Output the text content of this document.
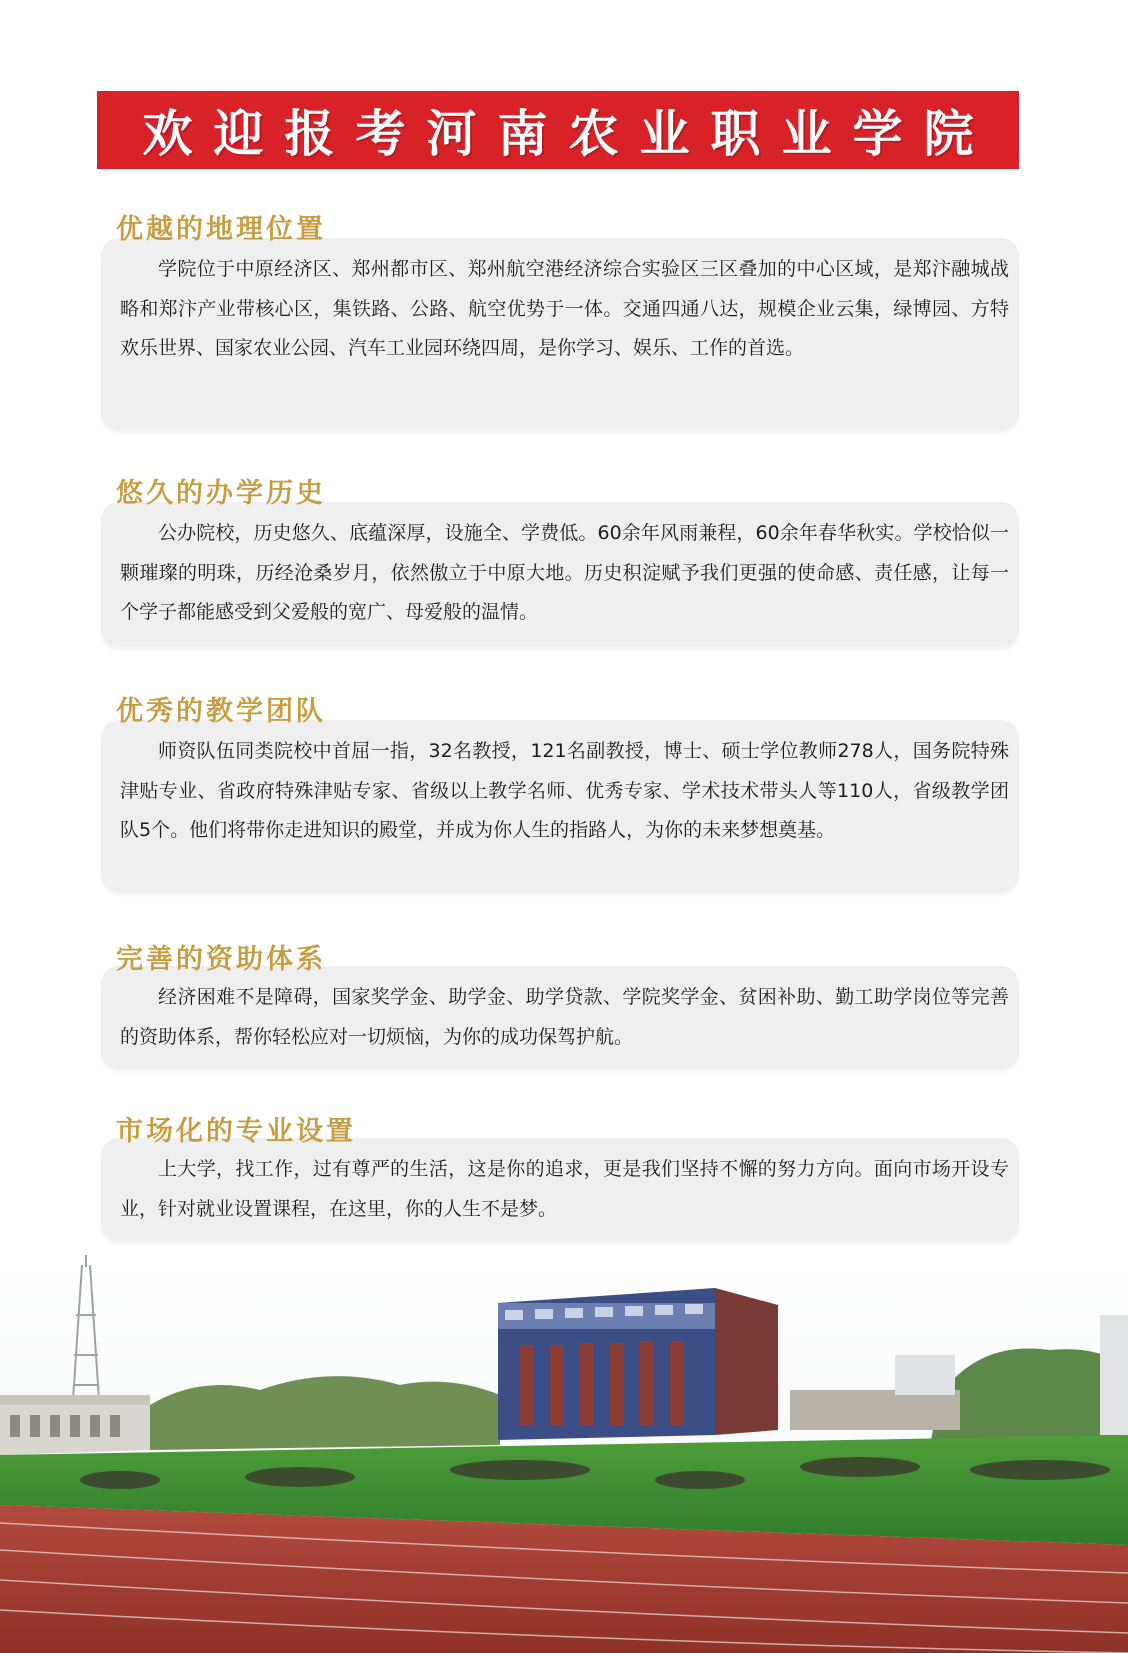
欢迎报考河南农业职业学院
优越的地理位置

学院位于中原经济区、郑州都市区、郑州航空港经济综合实验区三区叠加的中心区域，是郑汴融城战略和郑汴产业带核心区，集铁路、公路、航空优势于一体。交通四通八达，规模企业云集，绿博园、方特欢乐世界、国家农业公园、汽车工业园环绕四周，是你学习、娱乐、工作的首选。

悠久的办学历史

公办院校，历史悠久、底蕴深厚，设施全、学费低。60余年风雨兼程，60余年春华秋实。学校恰似一颗璀璨的明珠，历经沧桑岁月，依然傲立于中原大地。历史积淀赋予我们更强的使命感、责任感，让每一个学子都能感受到父爱般的宽广、母爱般的温情。

优秀的教学团队

师资队伍同类院校中首屈一指，32名教授，121名副教授，博士、硕士学位教师278人，国务院特殊津贴专业、省政府特殊津贴专家、省级以上教学名师、优秀专家、学术技术带头人等110人，省级教学团队5个。他们将带你走进知识的殿堂，并成为你人生的指路人，为你的未来梦想奠基。

完善的资助体系

经济困难不是障碍，国家奖学金、助学金、助学贷款、学院奖学金、贫困补助、勤工助学岗位等完善的资助体系，帮你轻松应对一切烦恼，为你的成功保驾护航。

市场化的专业设置

上大学，找工作，过有尊严的生活，这是你的追求，更是我们坚持不懈的努力方向。面向市场开设专业，针对就业设置课程，在这里，你的人生不是梦。
